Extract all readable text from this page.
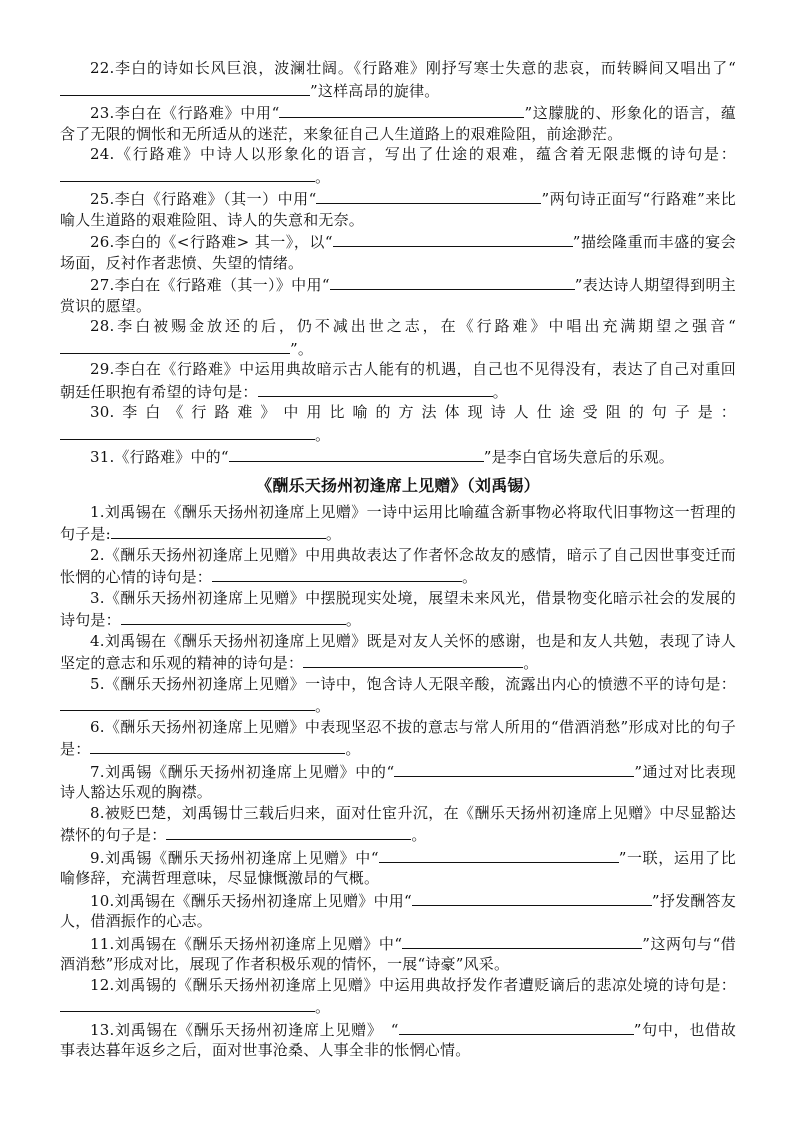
22.李白的诗如长风巨浪，波澜壮阔。《行路难》刚抒写寒士失意的悲哀，而转瞬间又唱出了“”这样高昂的旋律。

23.李白在《行路难》中用“	”这朦胧的、形象化的语言，蕴含了无限的惆怅和无所适从的迷茫，来象征自己人生道路上的艰难险阻，前途渺茫。

24.《行路难》中诗人以形象化的语言，写出了仕途的艰难，蕴含着无限悲慨的诗句是：。

25.李白《行路难》（其一）中用“	”两句诗正面写“行路难”来比喻人生道路的艰难险阻、诗人的失意和无奈。

26.李白的《<行路难> 其一》，以“	”描绘隆重而丰盛的宴会场面，反衬作者悲愤、失望的情绪。

27.李白在《行路难（其一）》中用“	”表达诗人期望得到明主赏识的愿望。

28.李白被赐金放还的后，仍不减出世之志，在《行路难》中唱出充满期望之强音“”。

29.李白在《行路难》中运用典故暗示古人能有的机遇，自己也不见得没有，表达了自己对重回朝廷任职抱有希望的诗句是：	。

30.李白《行路难》中用比喻的方法体现诗人仕途受阻的句子是：。

31.《行路难》中的“	”是李白官场失意后的乐观。

《酬乐天扬州初逢席上见赠》（刘禹锡）

1.刘禹锡在《酬乐天扬州初逢席上见赠》一诗中运用比喻蕴含新事物必将取代旧事物这一哲理的句子是:	。

2.《酬乐天扬州初逢席上见赠》中用典故表达了作者怀念故友的感情，暗示了自己因世事变迁而怅惘的心情的诗句是：	。

3.《酬乐天扬州初逢席上见赠》中摆脱现实处境，展望未来风光，借景物变化暗示社会的发展的诗句是：	。

4.刘禹锡在《酬乐天扬州初逢席上见赠》既是对友人关怀的感谢，也是和友人共勉，表现了诗人坚定的意志和乐观的精神的诗句是：	。

5.《酬乐天扬州初逢席上见赠》一诗中，饱含诗人无限辛酸，流露出内心的愤懑不平的诗句是：。

6.《酬乐天扬州初逢席上见赠》中表现坚忍不拔的意志与常人所用的“借酒消愁”形成对比的句子是：	。

7.刘禹锡《酬乐天扬州初逢席上见赠》中的“	”通过对比表现诗人豁达乐观的胸襟。

8.被贬巴楚，刘禹锡廿三载后归来，面对仕宦升沉，在《酬乐天扬州初逢席上见赠》中尽显豁达襟怀的句子是：	。

9.刘禹锡《酬乐天扬州初逢席上见赠》中“	”一联，运用了比喻修辞，充满哲理意味，尽显慷慨激昂的气概。

10.刘禹锡在《酬乐天扬州初逢席上见赠》中用“	”抒发酬答友人，借酒振作的心志。

11.刘禹锡在《酬乐天扬州初逢席上见赠》中“	”这两句与“借酒消愁”形成对比，展现了作者积极乐观的情怀，一展“诗豪”风采。

12.刘禹锡的《酬乐天扬州初逢席上见赠》中运用典故抒发作者遭贬谪后的悲凉处境的诗句是：。

13.刘禹锡在《酬乐天扬州初逢席上见赠》　“	”句中，也借故事表达暮年返乡之后，面对世事沧桑、人事全非的怅惘心情。
